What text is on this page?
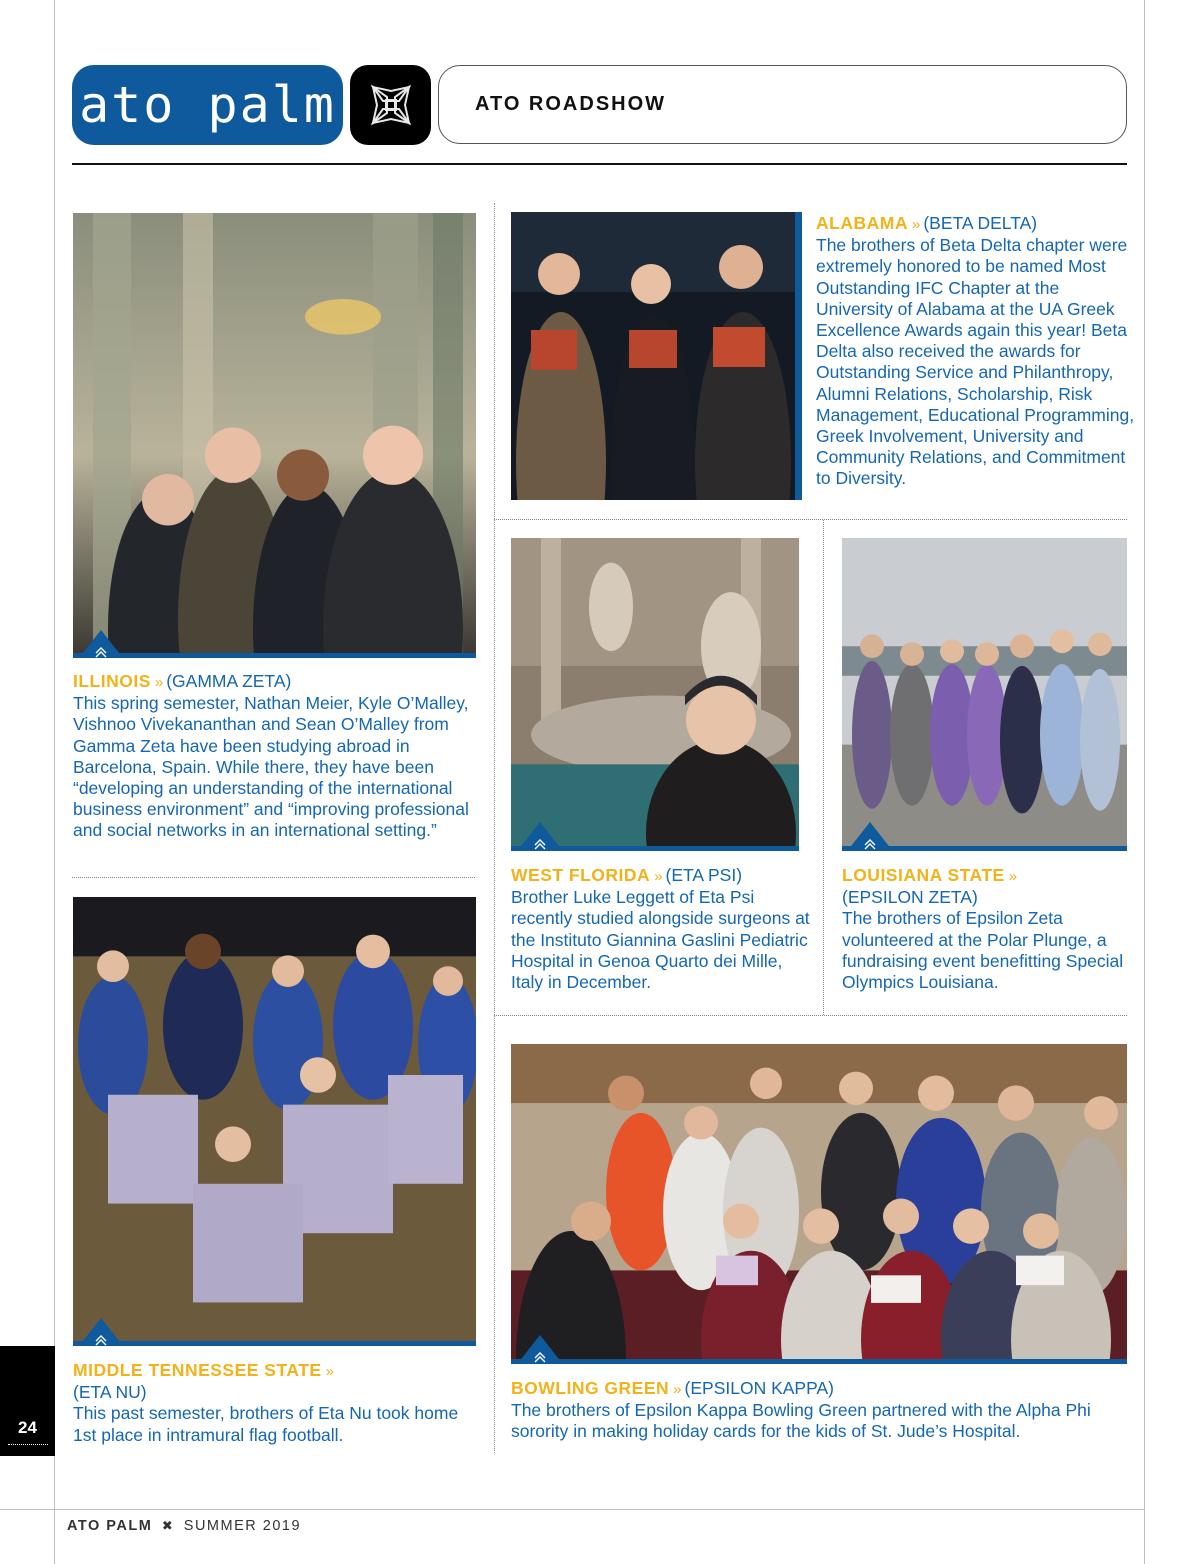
ato palm	ATO ROADSHOW
ILLINOIS » (GAMMA ZETA)
This spring semester, Nathan Meier, Kyle O’Malley, Vishnoo Vivekananthan and Sean O’Malley from Gamma Zeta have been studying abroad in Barcelona, Spain. While there, they have been “developing an understanding of the international business environment” and “improving professional and social networks in an international setting.”
ALABAMA » (BETA DELTA)
The brothers of Beta Delta chapter were extremely honored to be named Most Outstanding IFC Chapter at the University of Alabama at the UA Greek Excellence Awards again this year! Beta Delta also received the awards for Outstanding Service and Philanthropy, Alumni Relations, Scholarship, Risk Management, Educational Programming, Greek Involvement, University and Community Relations, and Commitment to Diversity.
WEST FLORIDA » (ETA PSI)
Brother Luke Leggett of Eta Psi recently studied alongside surgeons at the Instituto Giannina Gaslini Pediatric Hospital in Genoa Quarto dei Mille, Italy in December.
LOUISIANA STATE »
(EPSILON ZETA)
The brothers of Epsilon Zeta volunteered at the Polar Plunge, a fundraising event benefitting Special Olympics Louisiana.
MIDDLE TENNESSEE STATE »
(ETA NU)
This past semester, brothers of Eta Nu took home 1st place in intramural flag football.
BOWLING GREEN » (EPSILON KAPPA)
The brothers of Epsilon Kappa Bowling Green partnered with the Alpha Phi sorority in making holiday cards for the kids of St. Jude’s Hospital.
24
ATO PALM ✖ SUMMER 2019
